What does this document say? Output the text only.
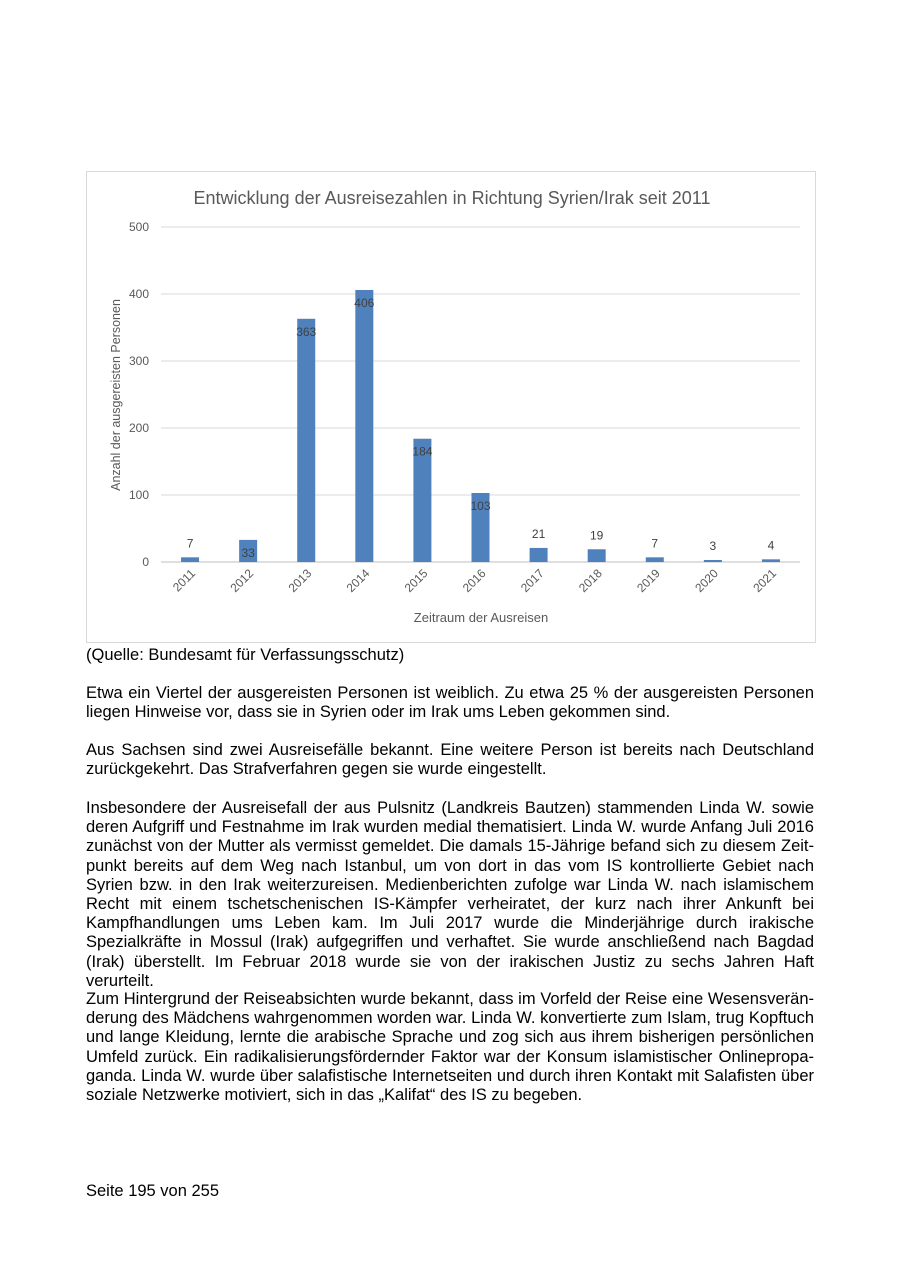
Entwicklung der Ausreisezahlen in Richtung Syrien/Irak seit 2011
Anzahl der ausgereisten Personen
Zeitraum der Ausreisen
0
100
200
300
400
500
7
33
363
406
184
103
21	19
7	3	4
2011 2012 2013 2014 2015 2016 2017 2018 2019 2020 2021
(Quelle: Bundesamt für Verfassungsschutz)

Etwa ein Viertel der ausgereisten Personen ist weiblich. Zu etwa 25 % der ausgereisten Personen liegen Hinweise vor, dass sie in Syrien oder im Irak ums Leben gekommen sind.

Aus Sachsen sind zwei Ausreisefälle bekannt. Eine weitere Person ist bereits nach Deutschland zurückgekehrt. Das Strafverfahren gegen sie wurde eingestellt.

Insbesondere der Ausreisefall der aus Pulsnitz (Landkreis Bautzen) stammenden Linda W. sowie deren Aufgriff und Festnahme im Irak wurden medial thematisiert. Linda W. wurde Anfang Juli 2016 zunächst von der Mutter als vermisst gemeldet. Die damals 15-Jährige befand sich zu diesem Zeitpunkt bereits auf dem Weg nach Istanbul, um von dort in das vom IS kontrollierte Gebiet nach Syrien bzw. in den Irak weiterzureisen. Medienberichten zufolge war Linda W. nach islamischem Recht mit einem tschetschenischen IS-Kämpfer verheiratet, der kurz nach ihrer Ankunft bei Kampfhandlungen ums Leben kam. Im Juli 2017 wurde die Minderjährige durch irakische Spezialkräfte in Mossul (Irak) aufgegriffen und verhaftet. Sie wurde anschließend nach Bagdad (Irak) überstellt. Im Februar 2018 wurde sie von der irakischen Justiz zu sechs Jahren Haft verurteilt.

Zum Hintergrund der Reiseabsichten wurde bekannt, dass im Vorfeld der Reise eine Wesensveränderung des Mädchens wahrgenommen worden war. Linda W. konvertierte zum Islam, trug Kopftuch und lange Kleidung, lernte die arabische Sprache und zog sich aus ihrem bisherigen persönlichen Umfeld zurück. Ein radikalisierungsfördernder Faktor war der Konsum islamistischer Onlinepropaganda. Linda W. wurde über salafistische Internetseiten und durch ihren Kontakt mit Salafisten über soziale Netzwerke motiviert, sich in das „Kalifat“ des IS zu begeben.

Seite 195 von 255
